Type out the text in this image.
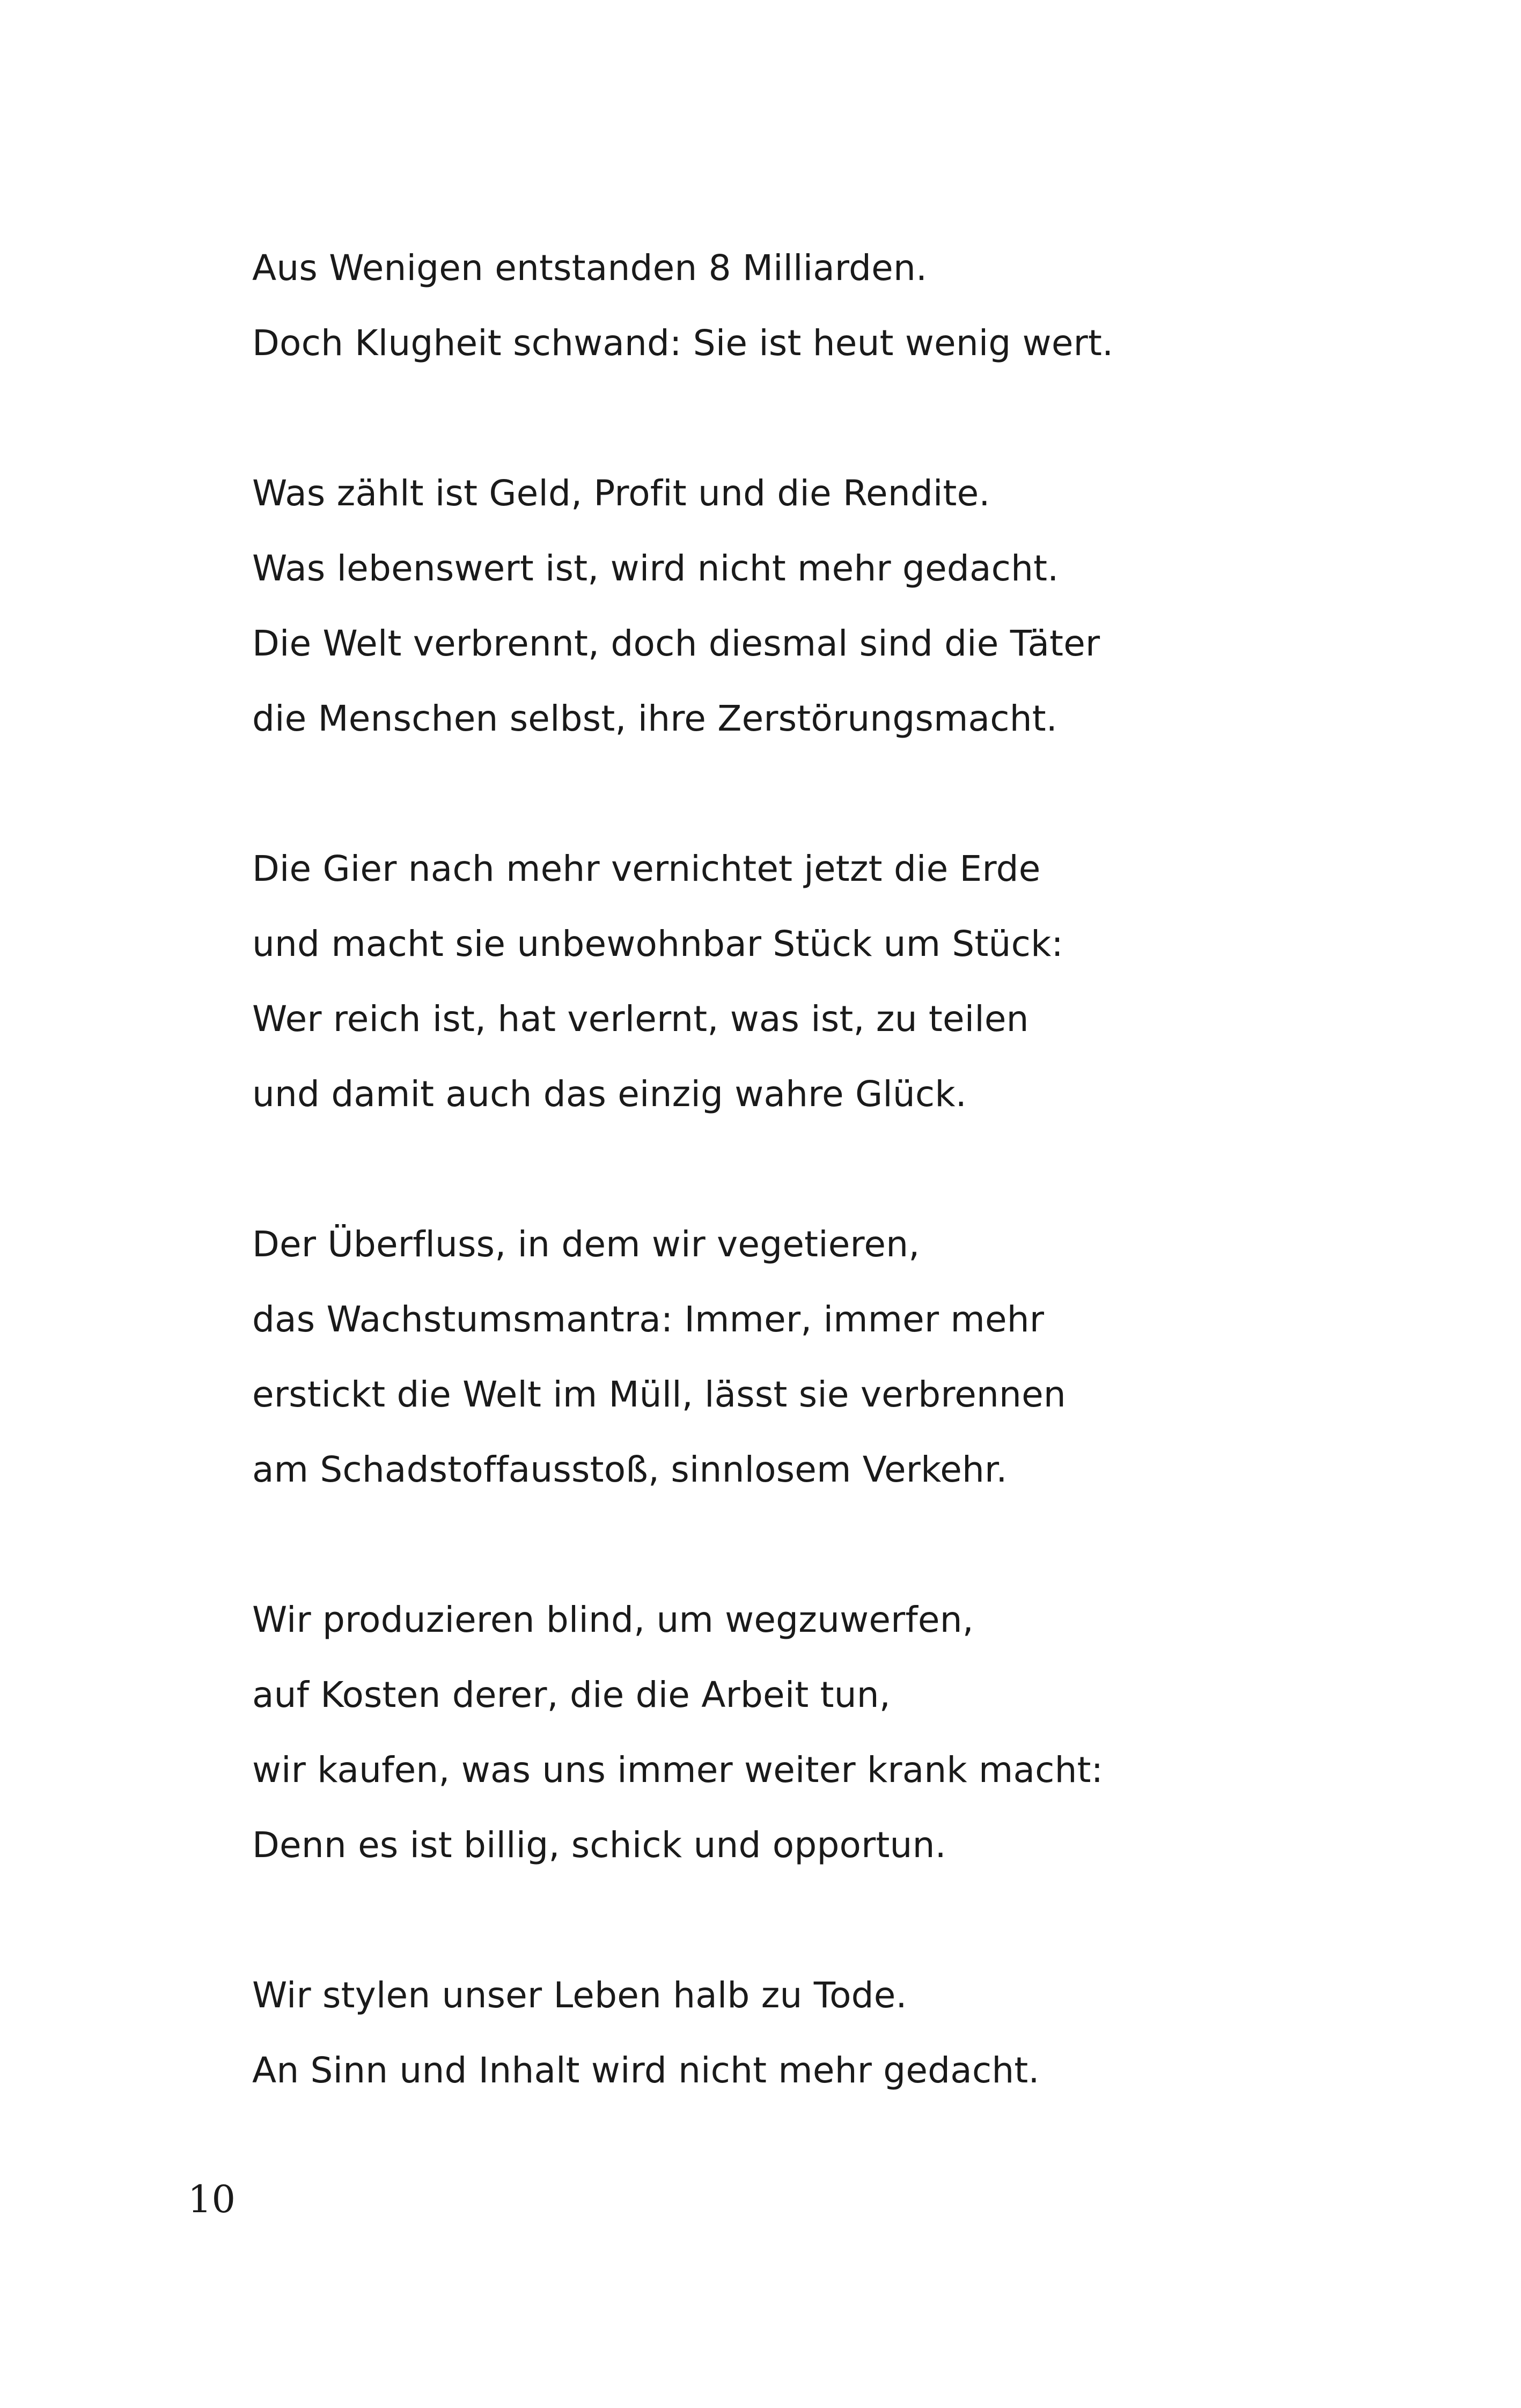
Aus Wenigen entstanden 8 Milliarden.
Doch Klugheit schwand: Sie ist heut wenig wert.
Was zählt ist Geld, Profit und die Rendite.
Was lebenswert ist, wird nicht mehr gedacht.
Die Welt verbrennt, doch diesmal sind die Täter
die Menschen selbst, ihre Zerstörungsmacht.
Die Gier nach mehr vernichtet jetzt die Erde
und macht sie unbewohnbar Stück um Stück:
Wer reich ist, hat verlernt, was ist, zu teilen
und damit auch das einzig wahre Glück.
Der Überfluss, in dem wir vegetieren,
das Wachstumsmantra: Immer, immer mehr
erstickt die Welt im Müll, lässt sie verbrennen
am Schadstoffausstoß, sinnlosem Verkehr.
Wir produzieren blind, um wegzuwerfen,
auf Kosten derer, die die Arbeit tun,
wir kaufen, was uns immer weiter krank macht:
Denn es ist billig, schick und opportun.
Wir stylen unser Leben halb zu Tode.
An Sinn und Inhalt wird nicht mehr gedacht.
10
